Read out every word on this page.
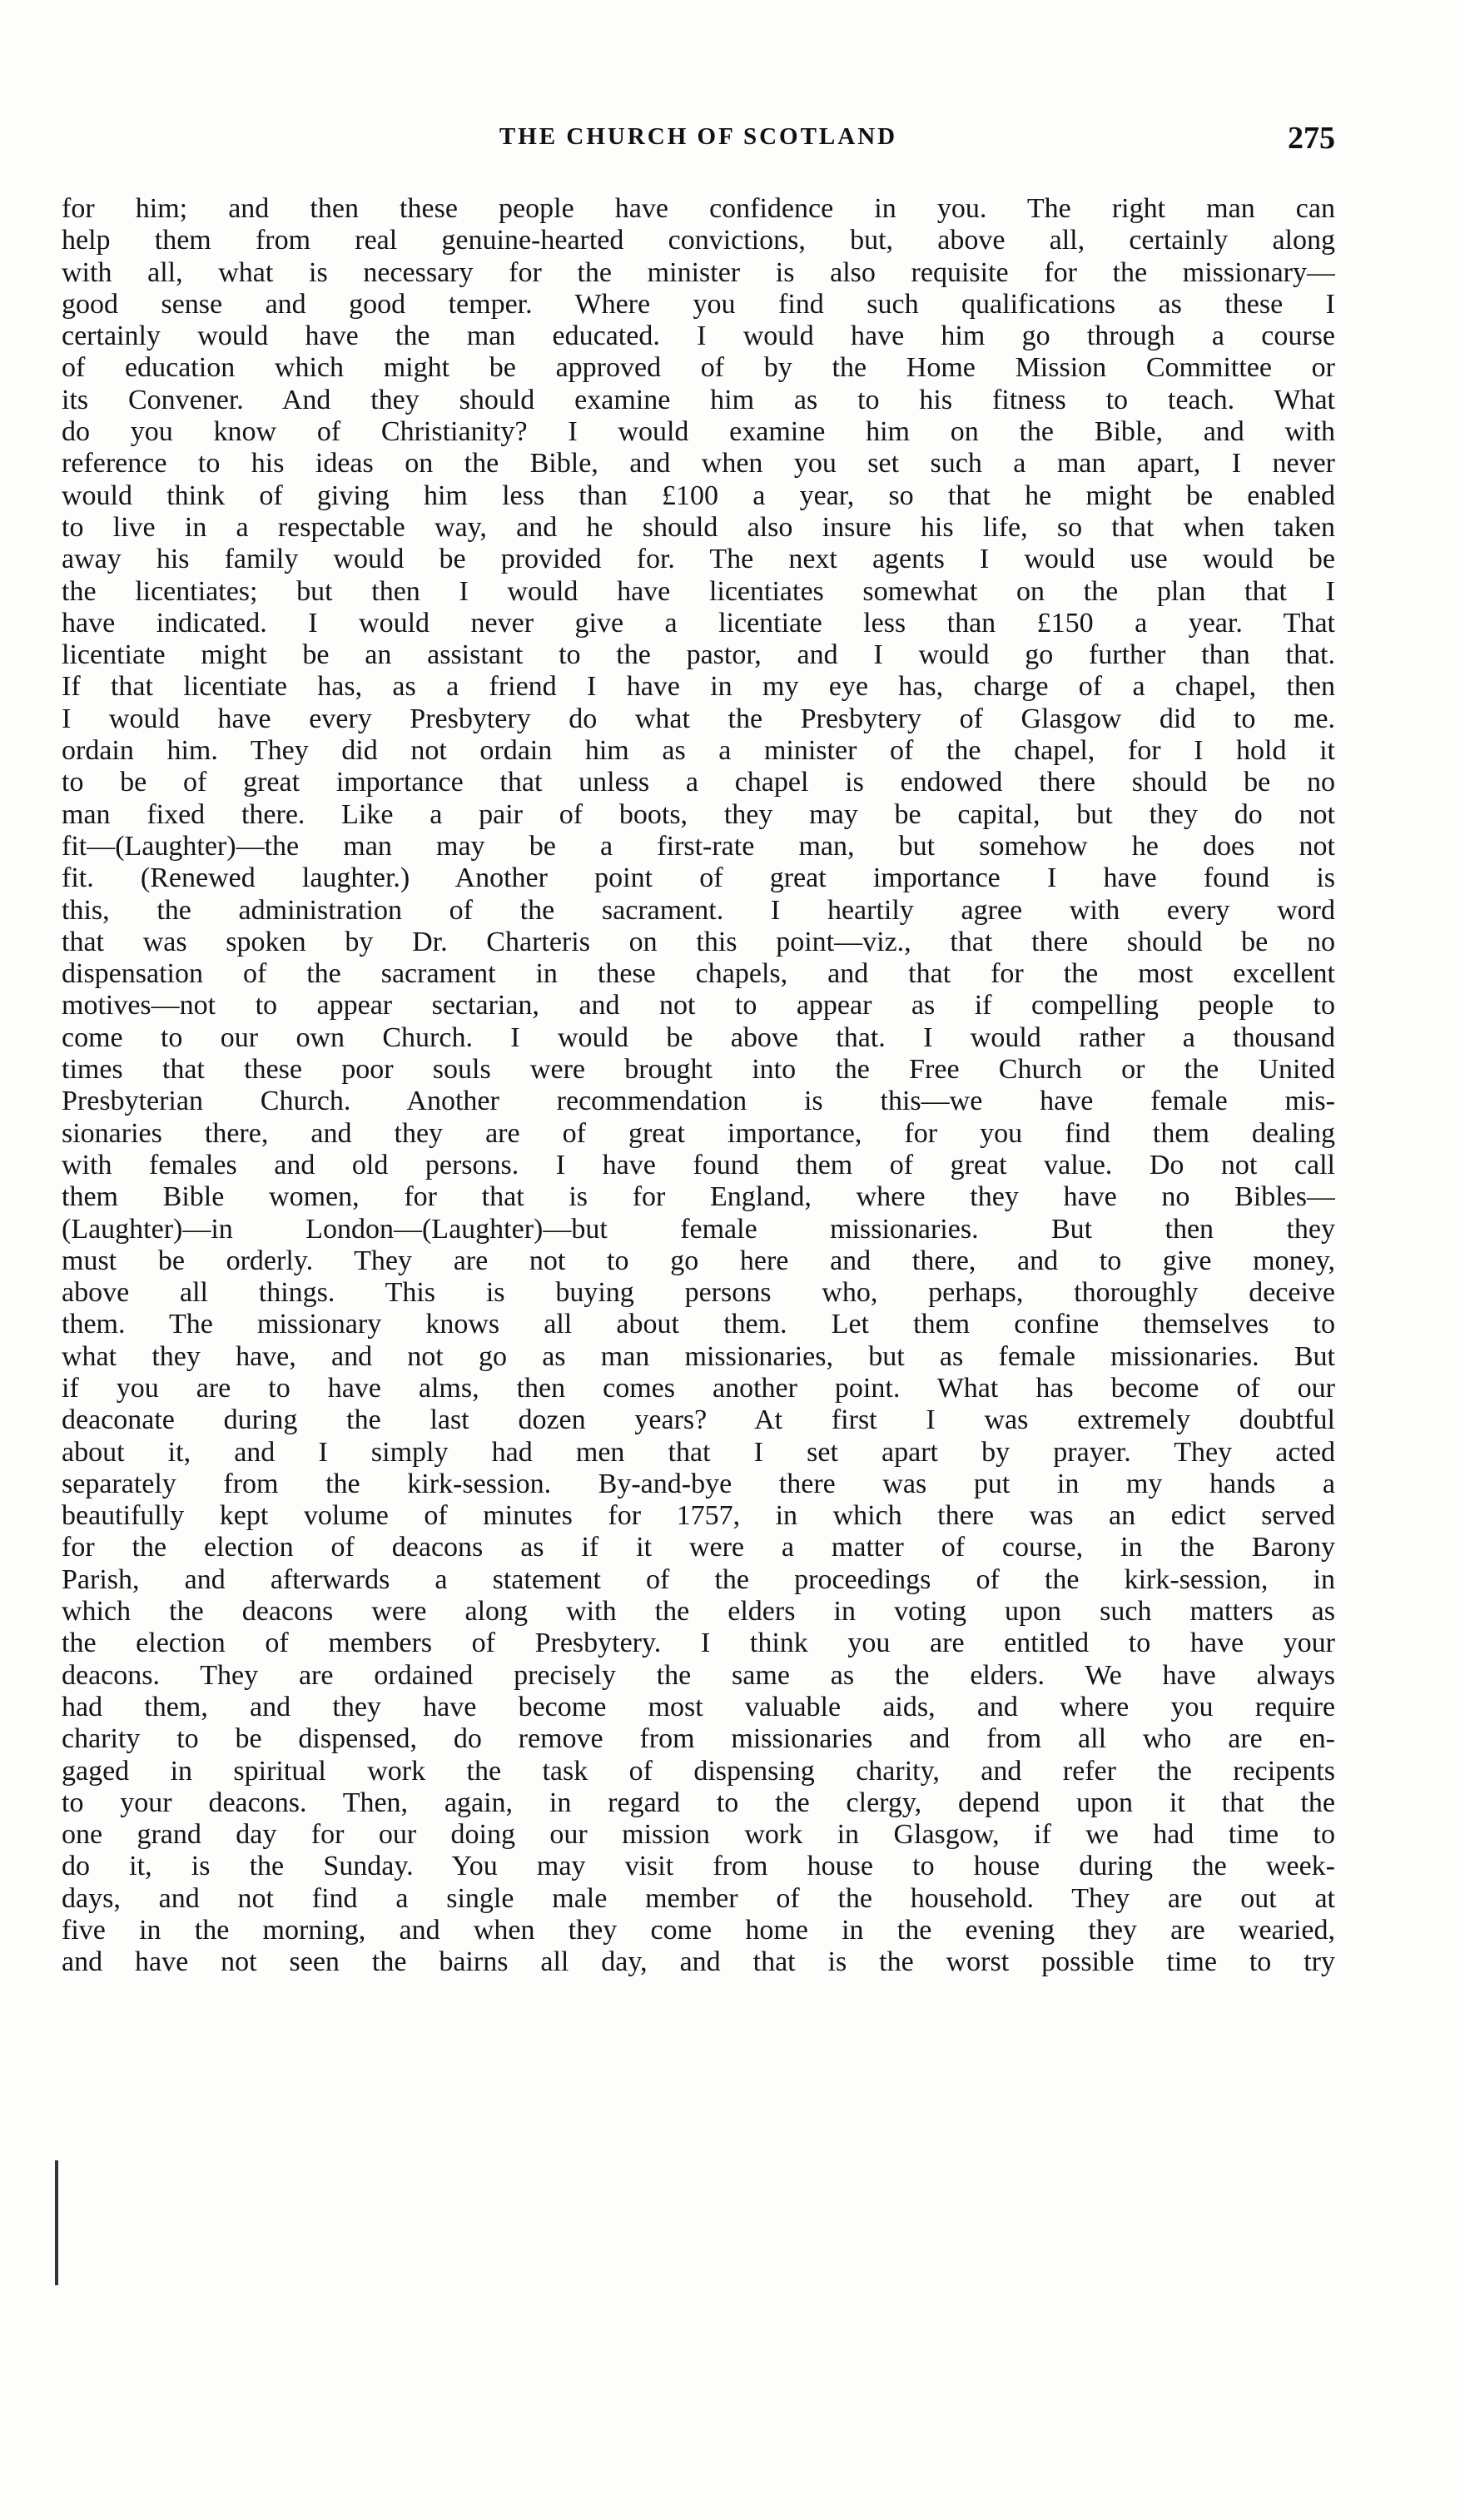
THE CHURCH OF SCOTLAND	275
for him; and then these people have confidence in you. The right man can
help them from real genuine-hearted convictions, but, above all, certainly along
with all, what is necessary for the minister is also requisite for the missionary—
good sense and good temper. Where you find such qualifications as these I
certainly would have the man educated. I would have him go through a course
of education which might be approved of by the Home Mission Committee or
its Convener. And they should examine him as to his fitness to teach. What
do you know of Christianity? I would examine him on the Bible, and with
reference to his ideas on the Bible, and when you set such a man apart, I never
would think of giving him less than £100 a year, so that he might be enabled
to live in a respectable way, and he should also insure his life, so that when taken
away his family would be provided for. The next agents I would use would be
the licentiates; but then I would have licentiates somewhat on the plan that I
have indicated. I would never give a licentiate less than £150 a year. That
licentiate might be an assistant to the pastor, and I would go further than that.
If that licentiate has, as a friend I have in my eye has, charge of a chapel, then
I would have every Presbytery do what the Presbytery of Glasgow did to me.
ordain him. They did not ordain him as a minister of the chapel, for I hold it
to be of great importance that unless a chapel is endowed there should be no
man fixed there. Like a pair of boots, they may be capital, but they do not
fit—(Laughter)—the man may be a first-rate man, but somehow he does not
fit. (Renewed laughter.) Another point of great importance I have found is
this, the administration of the sacrament. I heartily agree with every word
that was spoken by Dr. Charteris on this point—viz., that there should be no
dispensation of the sacrament in these chapels, and that for the most excellent
motives—not to appear sectarian, and not to appear as if compelling people to
come to our own Church. I would be above that. I would rather a thousand
times that these poor souls were brought into the Free Church or the United
Presbyterian Church. Another recommendation is this—we have female mis-
sionaries there, and they are of great importance, for you find them dealing
with females and old persons. I have found them of great value. Do not call
them Bible women, for that is for England, where they have no Bibles—
(Laughter)—in London—(Laughter)—but female missionaries. But then they
must be orderly. They are not to go here and there, and to give money,
above all things. This is buying persons who, perhaps, thoroughly deceive
them. The missionary knows all about them. Let them confine themselves to
what they have, and not go as man missionaries, but as female missionaries. But
if you are to have alms, then comes another point. What has become of our
deaconate during the last dozen years? At first I was extremely doubtful
about it, and I simply had men that I set apart by prayer. They acted
separately from the kirk-session. By-and-bye there was put in my hands a
beautifully kept volume of minutes for 1757, in which there was an edict served
for the election of deacons as if it were a matter of course, in the Barony
Parish, and afterwards a statement of the proceedings of the kirk-session, in
which the deacons were along with the elders in voting upon such matters as
the election of members of Presbytery. I think you are entitled to have your
deacons. They are ordained precisely the same as the elders. We have always
had them, and they have become most valuable aids, and where you require
charity to be dispensed, do remove from missionaries and from all who are en-
gaged in spiritual work the task of dispensing charity, and refer the recipents
to your deacons. Then, again, in regard to the clergy, depend upon it that the
one grand day for our doing our mission work in Glasgow, if we had time to
do it, is the Sunday. You may visit from house to house during the week-
days, and not find a single male member of the household. They are out at
five in the morning, and when they come home in the evening they are wearied,
and have not seen the bairns all day, and that is the worst possible time to try
